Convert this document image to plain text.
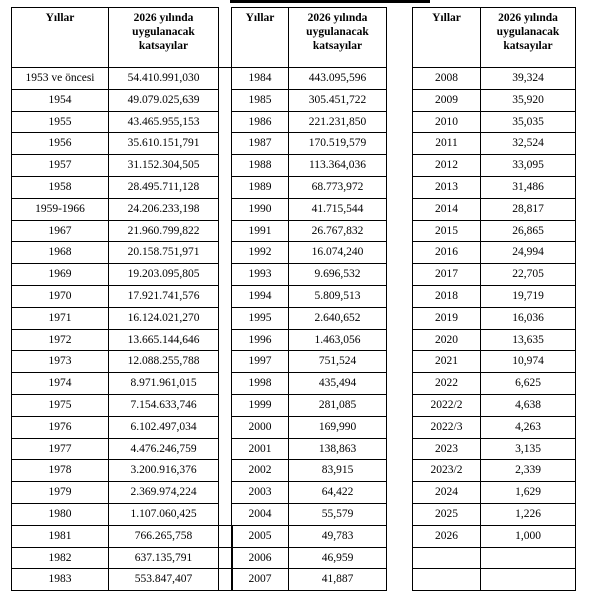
Yıllar	2026 yılında uygulanacak katsayılar	
1953 ve öncesi	54.410.991,030	
1954	49.079.025,639	
1955	43.465.955,153	
1956	35.610.151,791	
1957	31.152.304,505	
1958	28.495.711,128	
1959-1966	24.206.233,198	
1967	21.960.799,822	
1968	20.158.751,971	
1969	19.203.095,805	
1970	17.921.741,576	
1971	16.124.021,270	
1972	13.665.144,646	
1973	12.088.255,788	
1974	8.971.961,015	
1975	7.154.633,746	
1976	6.102.497,034	
1977	4.476.246,759	
1978	3.200.916,376	
1979	2.369.974,224	
1980	1.107.060,425	
1981	766.265,758	
1982	637.135,791	
1983	553.847,407	
Yıllar	2026 yılında uygulanacak katsayılar
1984	443.095,596
1985	305.451,722
1986	221.231,850
1987	170.519,579
1988	113.364,036
1989	68.773,972
1990	41.715,544
1991	26.767,832
1992	16.074,240
1993	9.696,532
1994	5.809,513
1995	2.640,652
1996	1.463,056
1997	751,524
1998	435,494
1999	281,085
2000	169,990
2001	138,863
2002	83,915
2003	64,422
2004	55,579
2005	49,783
2006	46,959
2007	41,887
Yıllar	2026 yılında uygulanacak katsayılar
2008	39,324
2009	35,920
2010	35,035
2011	32,524
2012	33,095
2013	31,486
2014	28,817
2015	26,865
2016	24,994
2017	22,705
2018	19,719
2019	16,036
2020	13,635
2021	10,974
2022	6,625
2022/2	4,638
2022/3	4,263
2023	3,135
2023/2	2,339
2024	1,629
2025	1,226
2026	1,000
